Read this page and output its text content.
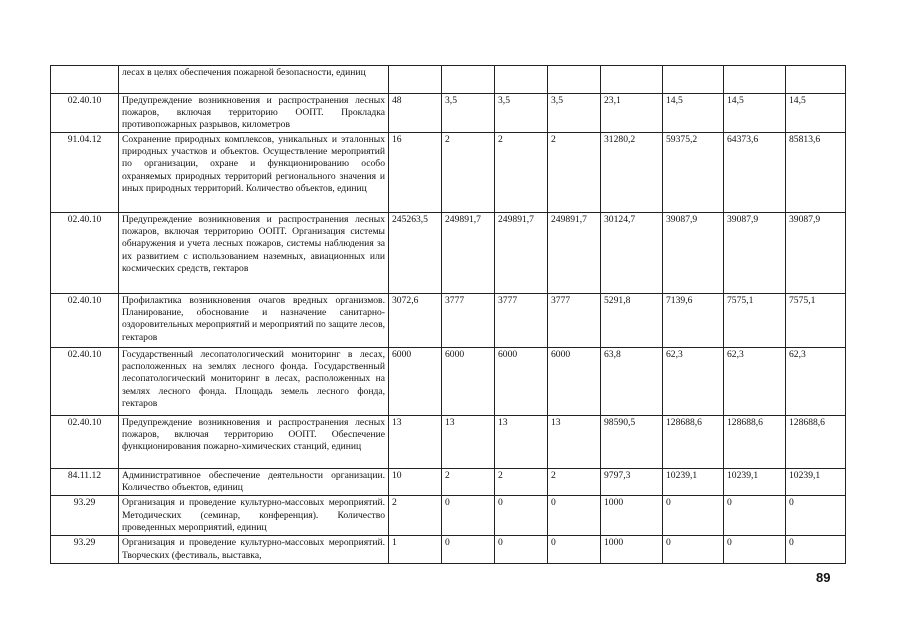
	лесах в целях обеспечения пожарной безопасности, единиц								
02.40.10	Предупреждение возникновения и распространения лесных пожаров, включая территорию ООПТ. Прокладка противопожарных разрывов, километров	48	3,5	3,5	3,5	23,1	14,5	14,5	14,5
91.04.12	Сохранение природных комплексов, уникальных и эталонных природных участков и объектов. Осуществление мероприятий по организации, охране и функционированию особо охраняемых природных территорий регионального значения и иных природных территорий. Количество объектов, единиц	16	2	2	2	31280,2	59375,2	64373,6	85813,6
02.40.10	Предупреждение возникновения и распространения лесных пожаров, включая территорию ООПТ. Организация системы обнаружения и учета лесных пожаров, системы наблюдения за их развитием с использованием наземных, авиационных или космических средств, гектаров	245263,5	249891,7	249891,7	249891,7	30124,7	39087,9	39087,9	39087,9
02.40.10	Профилактика возникновения очагов вредных организмов. Планирование, обоснование и назначение санитарно-оздоровительных мероприятий и мероприятий по защите лесов, гектаров	3072,6	3777	3777	3777	5291,8	7139,6	7575,1	7575,1
02.40.10	Государственный лесопатологический мониторинг в лесах, расположенных на землях лесного фонда. Государственный лесопатологический мониторинг в лесах, расположенных на землях лесного фонда. Площадь земель лесного фонда, гектаров	6000	6000	6000	6000	63,8	62,3	62,3	62,3
02.40.10	Предупреждение возникновения и распространения лесных пожаров, включая территорию ООПТ. Обеспечение функционирования пожарно-химических станций, единиц	13	13	13	13	98590,5	128688,6	128688,6	128688,6
84.11.12	Административное обеспечение деятельности организации. Количество объектов, единиц	10	2	2	2	9797,3	10239,1	10239,1	10239,1
93.29	Организация и проведение культурно-массовых мероприятий. Методических (семинар, конференция). Количество проведенных мероприятий, единиц	2	0	0	0	1000	0	0	0
93.29	Организация и проведение культурно-массовых мероприятий. Творческих (фестиваль, выставка,	1	0	0	0	1000	0	0	0
89
